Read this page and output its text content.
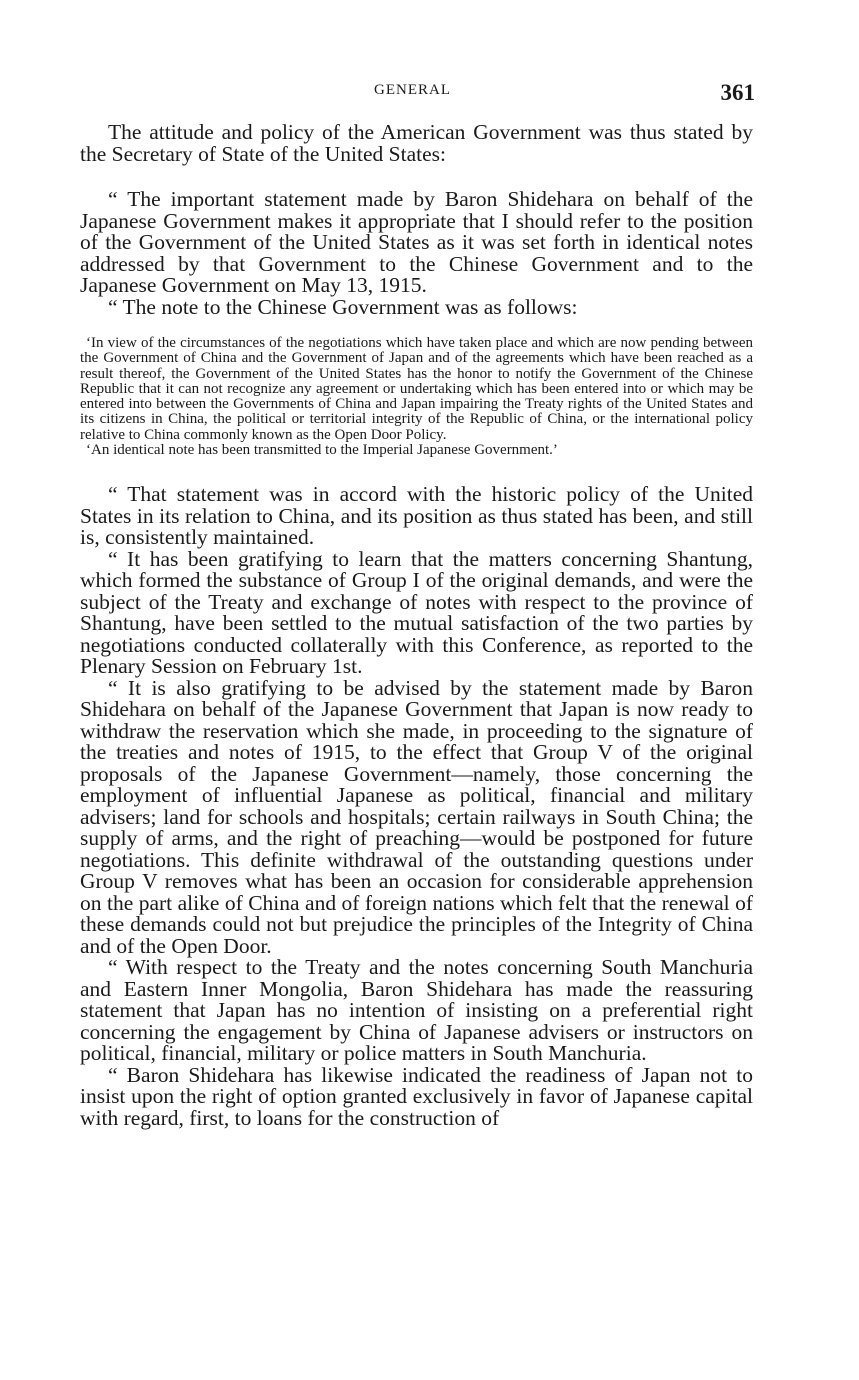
GENERAL	361

The attitude and policy of the American Government was thus stated by the Secretary of State of the United States:

“ The important statement made by Baron Shidehara on behalf of the Japanese Government makes it appropriate that I should refer to the position of the Government of the United States as it was set forth in identical notes addressed by that Government to the Chinese Government and to the Japanese Government on May 13, 1915.

“ The note to the Chinese Government was as follows:

‘In view of the circumstances of the negotiations which have taken place and which are now pending between the Government of China and the Government of Japan and of the agreements which have been reached as a result thereof, the Government of the United States has the honor to notify the Government of the Chinese Republic that it can not recognize any agreement or undertaking which has been entered into or which may be entered into between the Governments of China and Japan impairing the Treaty rights of the United States and its citizens in China, the political or territorial integrity of the Republic of China, or the international policy relative to China commonly known as the Open Door Policy.

‘An identical note has been transmitted to the Imperial Japanese Government.’

“ That statement was in accord with the historic policy of the United States in its relation to China, and its position as thus stated has been, and still is, consistently maintained.

“ It has been gratifying to learn that the matters concerning Shantung, which formed the substance of Group I of the original demands, and were the subject of the Treaty and exchange of notes with respect to the province of Shantung, have been settled to the mutual satisfaction of the two parties by negotiations conducted collaterally with this Conference, as reported to the Plenary Session on February 1st.

“ It is also gratifying to be advised by the statement made by Baron Shidehara on behalf of the Japanese Government that Japan is now ready to withdraw the reservation which she made, in proceeding to the signature of the treaties and notes of 1915, to the effect that Group V of the original proposals of the Japanese Government—namely, those concerning the employment of influential Japanese as political, financial and military advisers; land for schools and hospitals; certain railways in South China; the supply of arms, and the right of preaching—would be postponed for future negotiations. This definite withdrawal of the outstanding questions under Group V removes what has been an occasion for considerable apprehension on the part alike of China and of foreign nations which felt that the renewal of these demands could not but prejudice the principles of the Integrity of China and of the Open Door.

“ With respect to the Treaty and the notes concerning South Manchuria and Eastern Inner Mongolia, Baron Shidehara has made the reassuring statement that Japan has no intention of insisting on a preferential right concerning the engagement by China of Japanese advisers or instructors on political, financial, military or police matters in South Manchuria.

“ Baron Shidehara has likewise indicated the readiness of Japan not to insist upon the right of option granted exclusively in favor of Japanese capital with regard, first, to loans for the construction of
